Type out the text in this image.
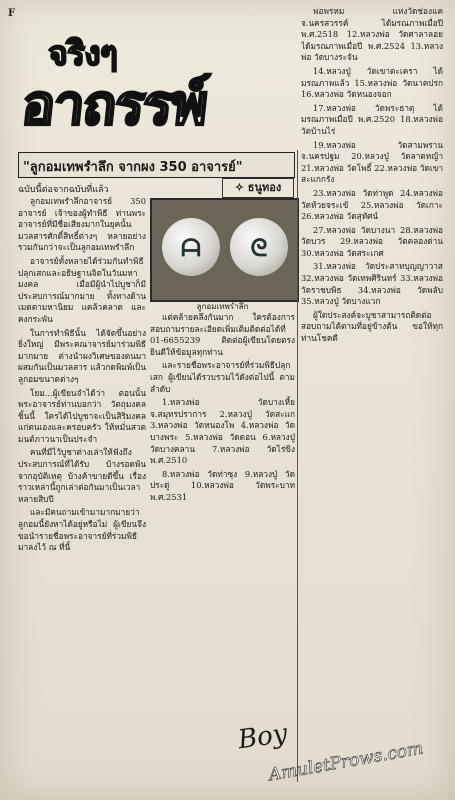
F
จริงๆ
อาถรรพ์
"ลูกอมเทพรำลึก จากผง 350 อาจารย์"
ฉบับนี้ต่อจากฉบับที่แล้ว	✧ ธนูทอง
ᗩ	ᘓ
ลูกอมเทพรำลึก

ลูกอมเทพรำลึกอาจารย์ 350 อาจารย์ เจ้าของผู้ทำพิธี ท่านพระอาจารย์ที่มีชื่อเสียงมากในยุคนั้น มวลสารศักดิ์สิทธิ์ต่างๆ หลายอย่างรวมกันกว่าจะเป็นลูกอมเทพรำลึก

อาจารย์ทั้งหลายได้ร่วมกันทำพิธีปลุกเสกและอธิษฐานจิตในวันมหามงคล เมื่อมีผู้นำไปบูชาก็มีประสบการณ์มากมาย ทั้งทางด้านเมตตามหานิยม แคล้วคลาด และคงกระพัน

ในการทำพิธีนั้น ได้จัดขึ้นอย่างยิ่งใหญ่ มีพระคณาจารย์มาร่วมพิธีมากมาย ต่างนำผงวิเศษของตนมาผสมกันเป็นมวลสาร แล้วกดพิมพ์เป็นลูกอมขนาดต่างๆ

โยม...ผู้เขียนจำได้ว่า ตอนนั้นพระอาจารย์ท่านบอกว่า วัตถุมงคลชิ้นนี้ ใครได้ไปบูชาจะเป็นสิริมงคลแก่ตนเองและครอบครัว ให้หมั่นสวดมนต์ภาวนาเป็นประจำ

คนที่มีไว้บูชาต่างเล่าให้ฟังถึงประสบการณ์ที่ได้รับ บ้างรอดพ้นจากอุบัติเหตุ บ้างค้าขายดีขึ้น เรื่องราวเหล่านี้ถูกเล่าต่อกันมาเป็นเวลาหลายสิบปี

และมีคนถามเข้ามามากมายว่าลูกอมนี้ยังหาได้อยู่หรือไม่ ผู้เขียนจึงขอนำรายชื่อพระอาจารย์ที่ร่วมพิธีมาลงไว้ ณ ที่นี้

แต่คล้ายคลึงกันมาก ใครต้องการสอบถามรายละเอียดเพิ่มเติมติดต่อได้ที่ 01-6655239 ติดต่อผู้เขียนโดยตรง ยินดีให้ข้อมูลทุกท่าน

และรายชื่อพระอาจารย์ที่ร่วมพิธีปลุกเสก ผู้เขียนได้รวบรวมไว้ดังต่อไปนี้ ตามลำดับ

1.หลวงพ่อ วัดบางเหี้ย จ.สมุทรปราการ 2.หลวงปู่ วัดสะแก 3.หลวงพ่อ วัดหนองโพ 4.หลวงพ่อ วัดบางพระ 5.หลวงพ่อ วัดดอน 6.หลวงปู่ วัดบางคลาน 7.หลวงพ่อ วัดไร่ขิง พ.ศ.2510

8.หลวงพ่อ วัดท่าซุง 9.หลวงปู่ วัดประดู่ 10.หลวงพ่อ วัดพระบาท พ.ศ.2531

พ่อพรหม แห่งวัดช่องแค จ.นครสวรรค์ ได้มรณภาพเมื่อปี พ.ศ.2518 12.หลวงพ่อ วัดศาลาลอย ได้มรณภาพเมื่อปี พ.ศ.2524 13.หลวงพ่อ วัดบางระจัน

14.หลวงปู่ วัดเขาตะเครา ได้มรณภาพแล้ว 15.หลวงพ่อ วัดนาคปรก 16.หลวงพ่อ วัดหนองจอก

17.หลวงพ่อ วัดพระธาตุ ได้มรณภาพเมื่อปี พ.ศ.2520 18.หลวงพ่อ วัดบ้านไร่

19.หลวงพ่อ วัดสามพราน จ.นครปฐม 20.หลวงปู่ วัดลาดหญ้า 21.หลวงพ่อ วัดโพธิ์ 22.หลวงพ่อ วัดเขาสะแกกรัง

23.หลวงพ่อ วัดท่าพูด 24.หลวงพ่อ วัดห้วยจระเข้ 25.หลวงพ่อ วัดเกาะ 26.หลวงพ่อ วัดสุทัศน์

27.หลวงพ่อ วัดบางนา 28.หลวงพ่อ วัดบวร 29.หลวงพ่อ วัดคลองด่าน 30.หลวงพ่อ วัดสระเกศ

31.หลวงพ่อ วัดประสาทบุญญาวาส 32.หลวงพ่อ วัดเทพศิรินทร์ 33.หลวงพ่อ วัดราชบพิธ 34.หลวงพ่อ วัดพลับ 35.หลวงปู่ วัดบางแวก

ผู้ใดประสงค์จะบูชาสามารถติดต่อสอบถามได้ตามที่อยู่ข้างต้น ขอให้ทุกท่านโชคดี

Boy
AmuletProws.com
